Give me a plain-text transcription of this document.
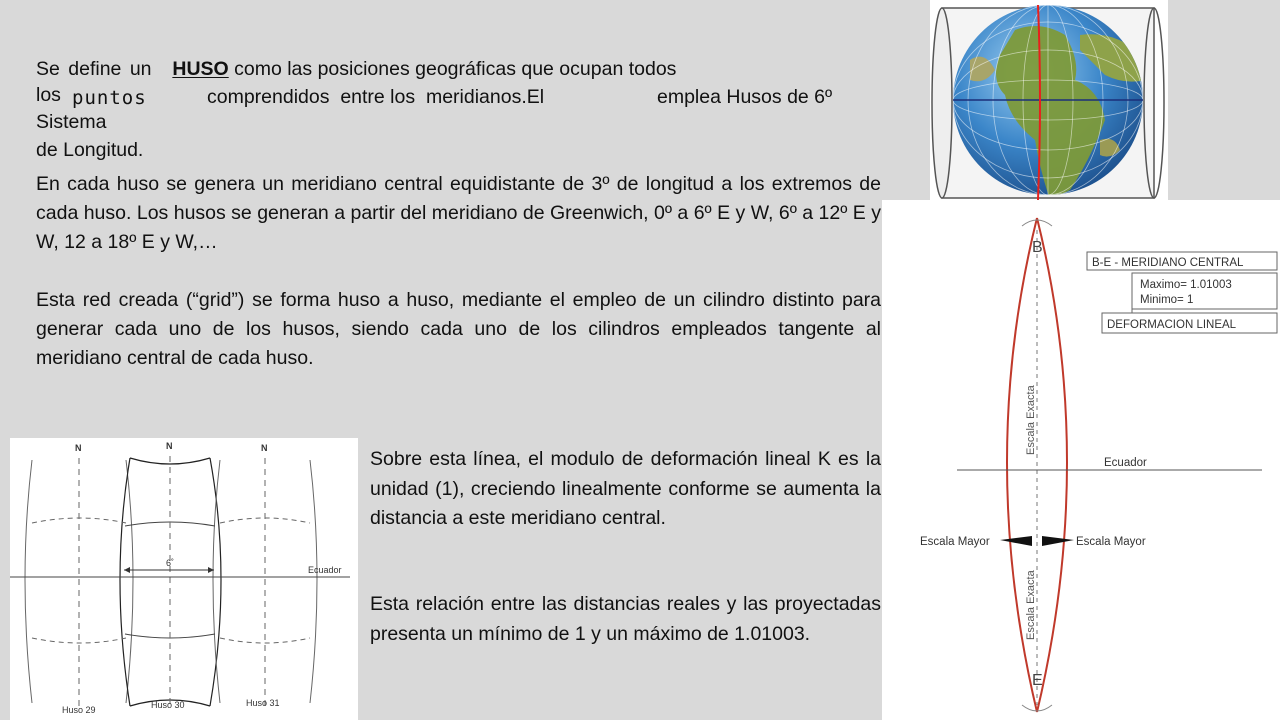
Se define un HUSO como las posiciones geográficas que ocupan todos
los puntos	comprendidos  entre los  meridianos.El	emplea Husos de 6º
Sistema
de Longitud.
En cada huso se genera un meridiano central equidistante de 3º de longitud a los extremos de cada huso. Los husos se generan a partir del meridiano de Greenwich, 0º a 6º E y W, 6º a 12º E y W, 12 a 18º E y W,…
Esta red creada (“grid”) se forma huso a huso, mediante el empleo de un cilindro distinto para generar cada uno de los husos, siendo cada uno de los cilindros empleados tangente al meridiano central de cada huso.
Sobre esta línea, el modulo de deformación lineal K es la unidad (1), creciendo linealmente conforme se aumenta la distancia a este meridiano central.
Esta relación entre las distancias reales y las proyectadas presenta un mínimo de 1 y un máximo de 1.01003.
B
E
B-E - MERIDIANO CENTRAL
Maximo= 1.01003
Minimo= 1
DEFORMACION LINEAL
Escala Exacta
Escala Exacta
Ecuador
Escala Mayor	Escala Mayor
N	N	N
6˚
Ecuador
Huso 29	Huso 30	Huso 31
